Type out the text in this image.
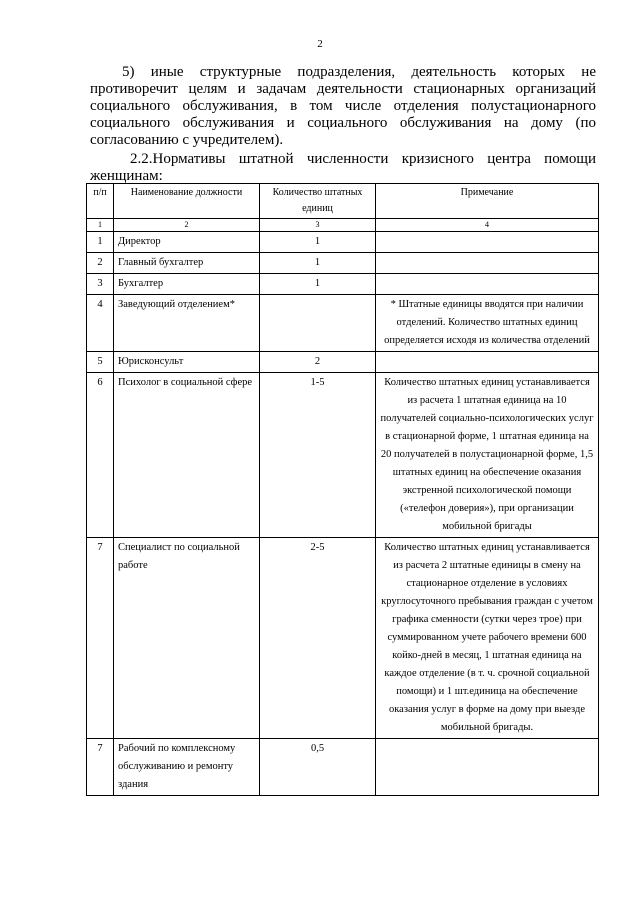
2
5) иные структурные подразделения, деятельность которых не противоречит целям и задачам деятельности стационарных организаций социального обслуживания, в том числе отделения полустационарного социального обслуживания и социального обслуживания на дому (по согласованию с учредителем).
2.2.Нормативы штатной численности кризисного центра помощи женщинам:
п/п	Наименование должности	Количество штатных единиц	Примечание
1	2	3	4
1	Директор	1	
2	Главный бухгалтер	1	
3	Бухгалтер	1	
4	Заведующий отделением*		* Штатные единицы вводятся при наличии отделений. Количество штатных единиц определяется исходя из количества отделений
5	Юрисконсульт	2	
6	Психолог в социальной сфере	1-5	Количество штатных единиц устанавливается из расчета 1 штатная единица на 10 получателей социально-психологических услуг в стационарной форме, 1 штатная единица на 20 получателей в полустационарной форме, 1,5 штатных единиц на обеспечение оказания экстренной психологической помощи («телефон доверия»), при организации мобильной бригады
7	Специалист по социальной работе	2-5	Количество штатных единиц устанавливается из расчета 2 штатные единицы в смену на стационарное отделение в условиях круглосуточного пребывания граждан с учетом графика сменности (сутки через трое) при суммированном учете рабочего времени 600 койко-дней в месяц, 1 штатная единица на каждое отделение (в т. ч. срочной социальной помощи) и 1 шт.единица на обеспечение оказания услуг в форме на дому при выезде мобильной бригады.
7	Рабочий по комплексному обслуживанию и ремонту здания	0,5	
